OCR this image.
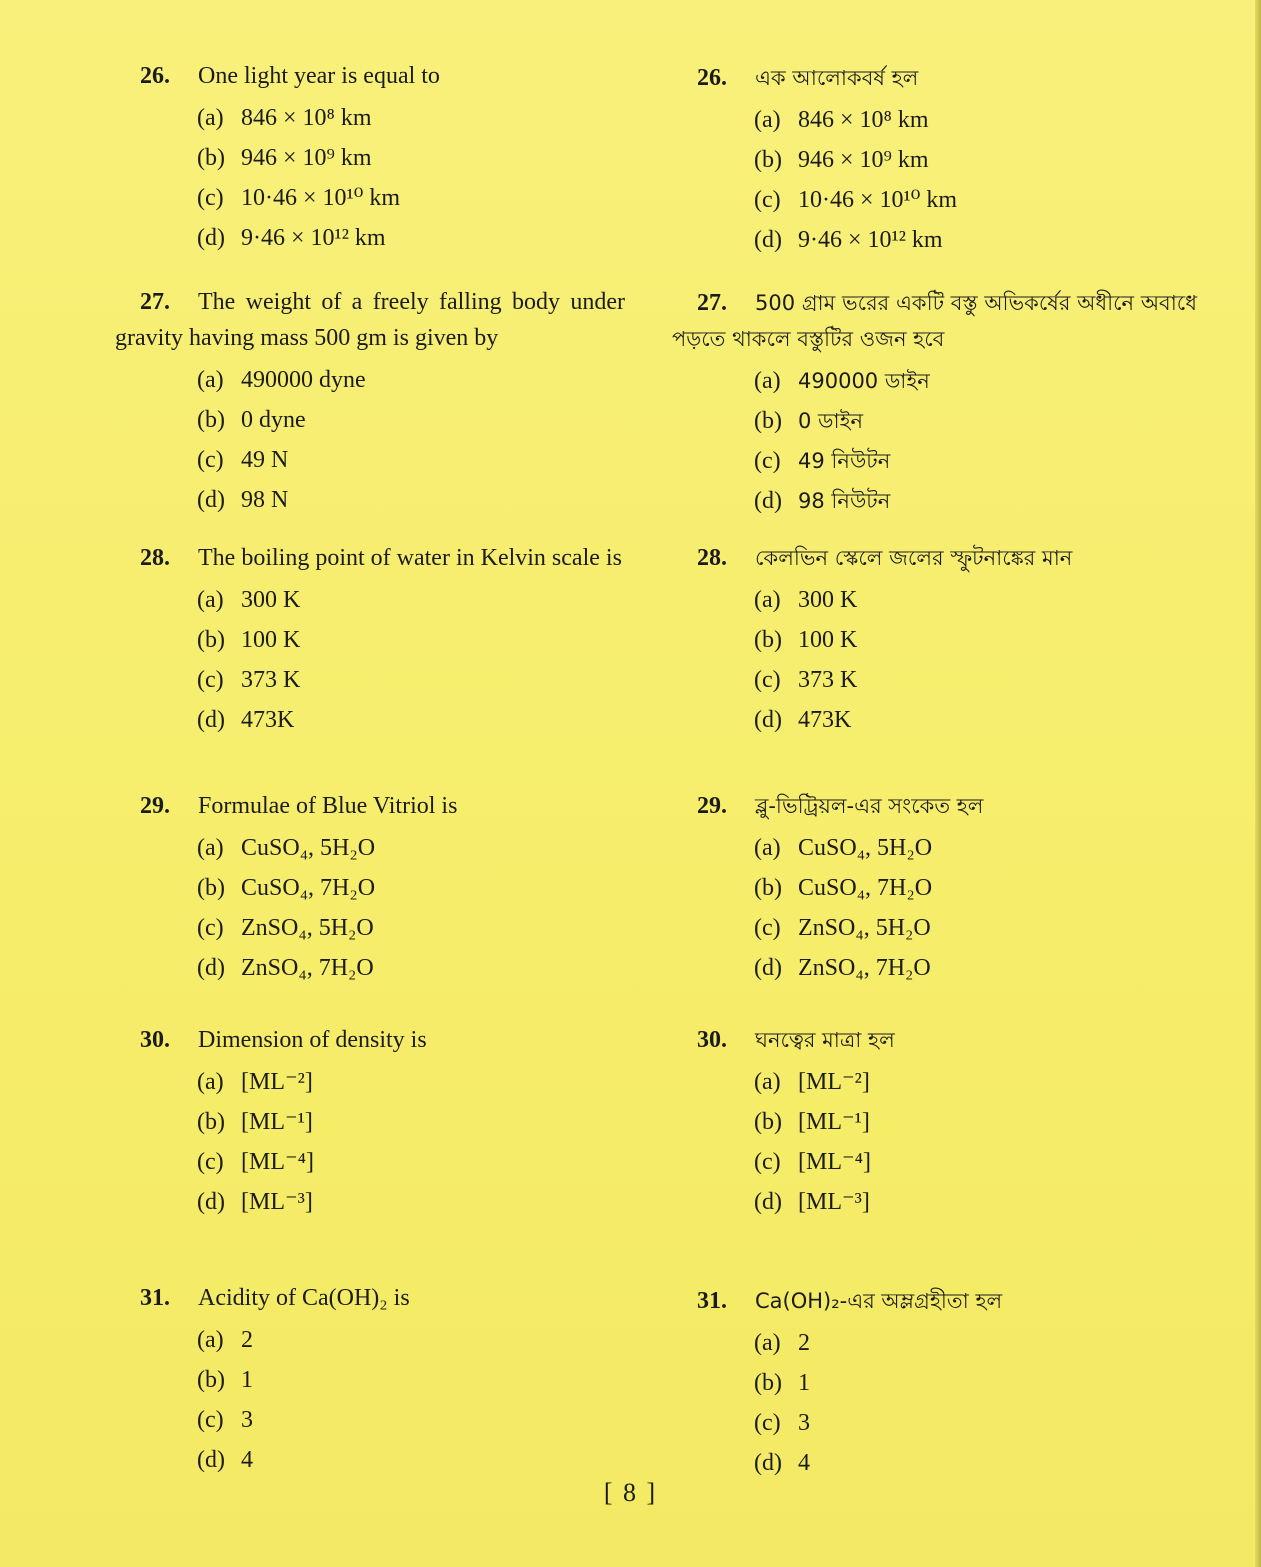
26. One light year is equal to
(a) 846 × 10⁸ km
(b) 946 × 10⁹ km
(c) 10·46 × 10¹⁰ km
(d) 9·46 × 10¹² km
27. The weight of a freely falling body under gravity having mass 500 gm is given by
(a) 490000 dyne
(b) 0 dyne
(c) 49 N
(d) 98 N
28. The boiling point of water in Kelvin scale is
(a) 300 K
(b) 100 K
(c) 373 K
(d) 473K
29. Formulae of Blue Vitriol is
(a) CuSO₄, 5H₂O
(b) CuSO₄, 7H₂O
(c) ZnSO₄, 5H₂O
(d) ZnSO₄, 7H₂O
30. Dimension of density is
(a) [ML⁻²]
(b) [ML⁻¹]
(c) [ML⁻⁴]
(d) [ML⁻³]
31. Acidity of Ca(OH)₂ is
(a) 2
(b) 1
(c) 3
(d) 4
26. এক আলোকবর্ষ হল
(a) 846 × 10⁸ km
(b) 946 × 10⁹ km
(c) 10·46 × 10¹⁰ km
(d) 9·46 × 10¹² km
27. 500 গ্রাম ভরের একটি বস্তু অভিকর্ষের অধীনে অবাধে পড়তে থাকলে বস্তুটির ওজন হবে
(a) 490000 ডাইন
(b) 0 ডাইন
(c) 49 নিউটন
(d) 98 নিউটন
28. কেলভিন স্কেলে জলের স্ফুটনাঙ্কের মান
(a) 300 K
(b) 100 K
(c) 373 K
(d) 473K
29. ব্লু-ভিট্রিয়ল-এর সংকেত হল
(a) CuSO₄, 5H₂O
(b) CuSO₄, 7H₂O
(c) ZnSO₄, 5H₂O
(d) ZnSO₄, 7H₂O
30. ঘনত্বের মাত্রা হল
(a) [ML⁻²]
(b) [ML⁻¹]
(c) [ML⁻⁴]
(d) [ML⁻³]
31. Ca(OH)₂-এর অম্লগ্রহীতা হল
(a) 2
(b) 1
(c) 3
(d) 4
[ 8 ]
